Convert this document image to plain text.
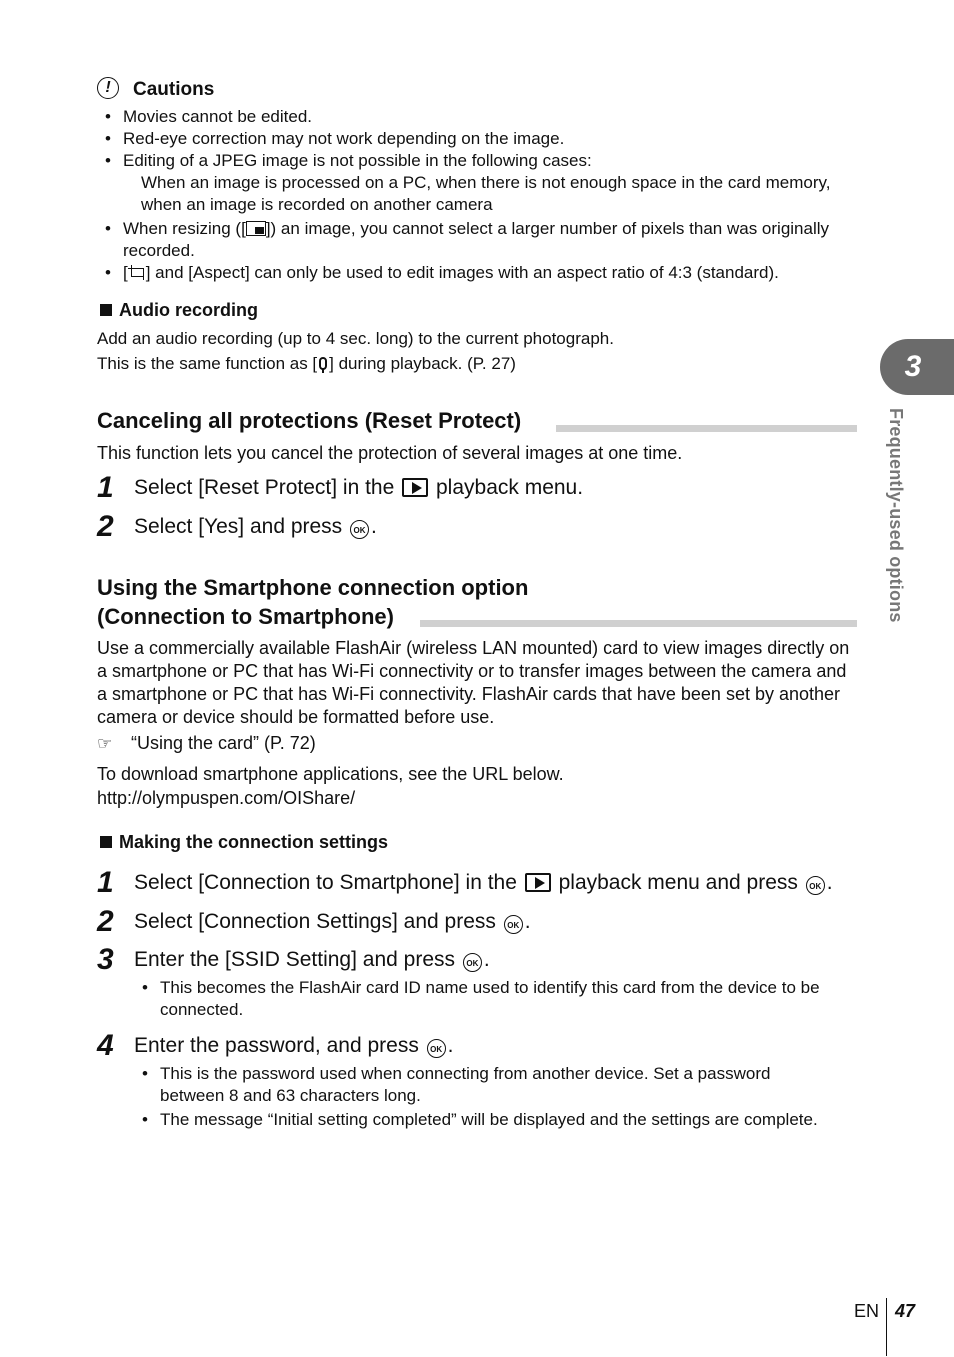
!	Cautions
• Movies cannot be edited.
• Red-eye correction may not work depending on the image.
• Editing of a JPEG image is not possible in the following cases:
When an image is processed on a PC, when there is not enough space in the card memory, when an image is recorded on another camera
• When resizing ([ ]) an image, you cannot select a larger number of pixels than was originally recorded.
• [ ] and [Aspect] can only be used to edit images with an aspect ratio of 4:3 (standard).
Audio recording
Add an audio recording (up to 4 sec. long) to the current photograph.
This is the same function as [ ] during playback. (P. 27)
Canceling all protections (Reset Protect)
This function lets you cancel the protection of several images at one time.
1 Select [Reset Protect] in the playback menu.
2 Select [Yes] and press OK .
Using the Smartphone connection option
(Connection to Smartphone)
Use a commercially available FlashAir (wireless LAN mounted) card to view images directly on a smartphone or PC that has Wi-Fi connectivity or to transfer images between the camera and a smartphone or PC that has Wi-Fi connectivity. FlashAir cards that have been set by another camera or device should be formatted before use.
☞ “Using the card” (P. 72)
To download smartphone applications, see the URL below.
http://olympuspen.com/OIShare/
Making the connection settings
1 Select [Connection to Smartphone] in the playback menu and press OK .
2 Select [Connection Settings] and press OK .
3 Enter the [SSID Setting] and press OK .
• This becomes the FlashAir card ID name used to identify this card from the device to be connected.
4 Enter the password, and press OK .
• This is the password used when connecting from another device. Set a password between 8 and 63 characters long.
• The message “Initial setting completed” will be displayed and the settings are complete.
3
Frequently-used options
EN 47
